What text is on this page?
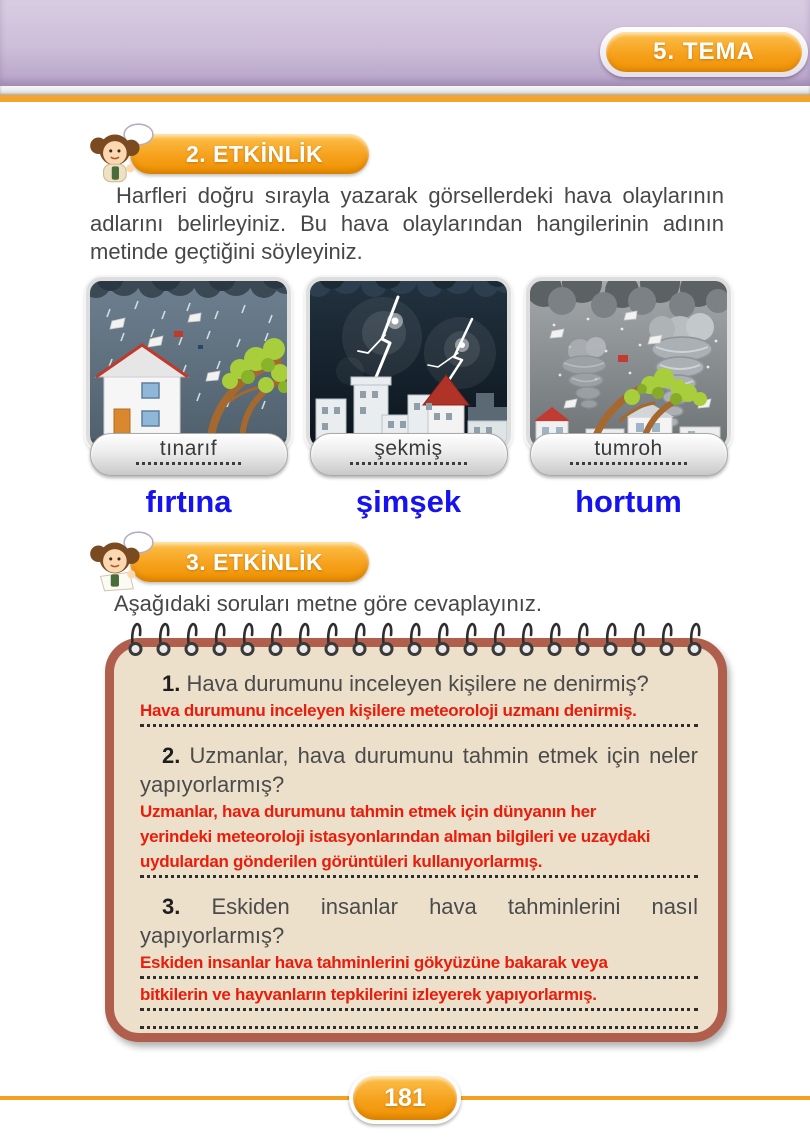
5. TEMA
2. ETKİNLİK

Harfleri doğru sırayla yazarak görsellerdeki hava olaylarının adlarını belirleyiniz. Bu hava olaylarından hangilerinin adının metinde geçtiğini söyleyiniz.

tınarıf
fırtına
şekmiş
şimşek
tumroh
hortum
3. ETKİNLİK

Aşağıdaki soruları metne göre cevaplayınız.

1. Hava durumunu inceleyen kişilere ne denirmiş?
Hava durumunu inceleyen kişilere meteoroloji uzmanı denirmiş.
2. Uzmanlar, hava durumunu tahmin etmek için neler yapıyorlarmış?
Uzmanlar, hava durumunu tahmin etmek için dünyanın her
yerindeki meteoroloji istasyonlarından alman bilgileri ve uzaydaki
uydulardan gönderilen görüntüleri kullanıyorlarmış.
3. Eskiden insanlar hava tahminlerini nasıl yapıyorlarmış?
Eskiden insanlar hava tahminlerini gökyüzüne bakarak veya
bitkilerin ve hayvanların tepkilerini izleyerek yapıyorlarmış.
181
